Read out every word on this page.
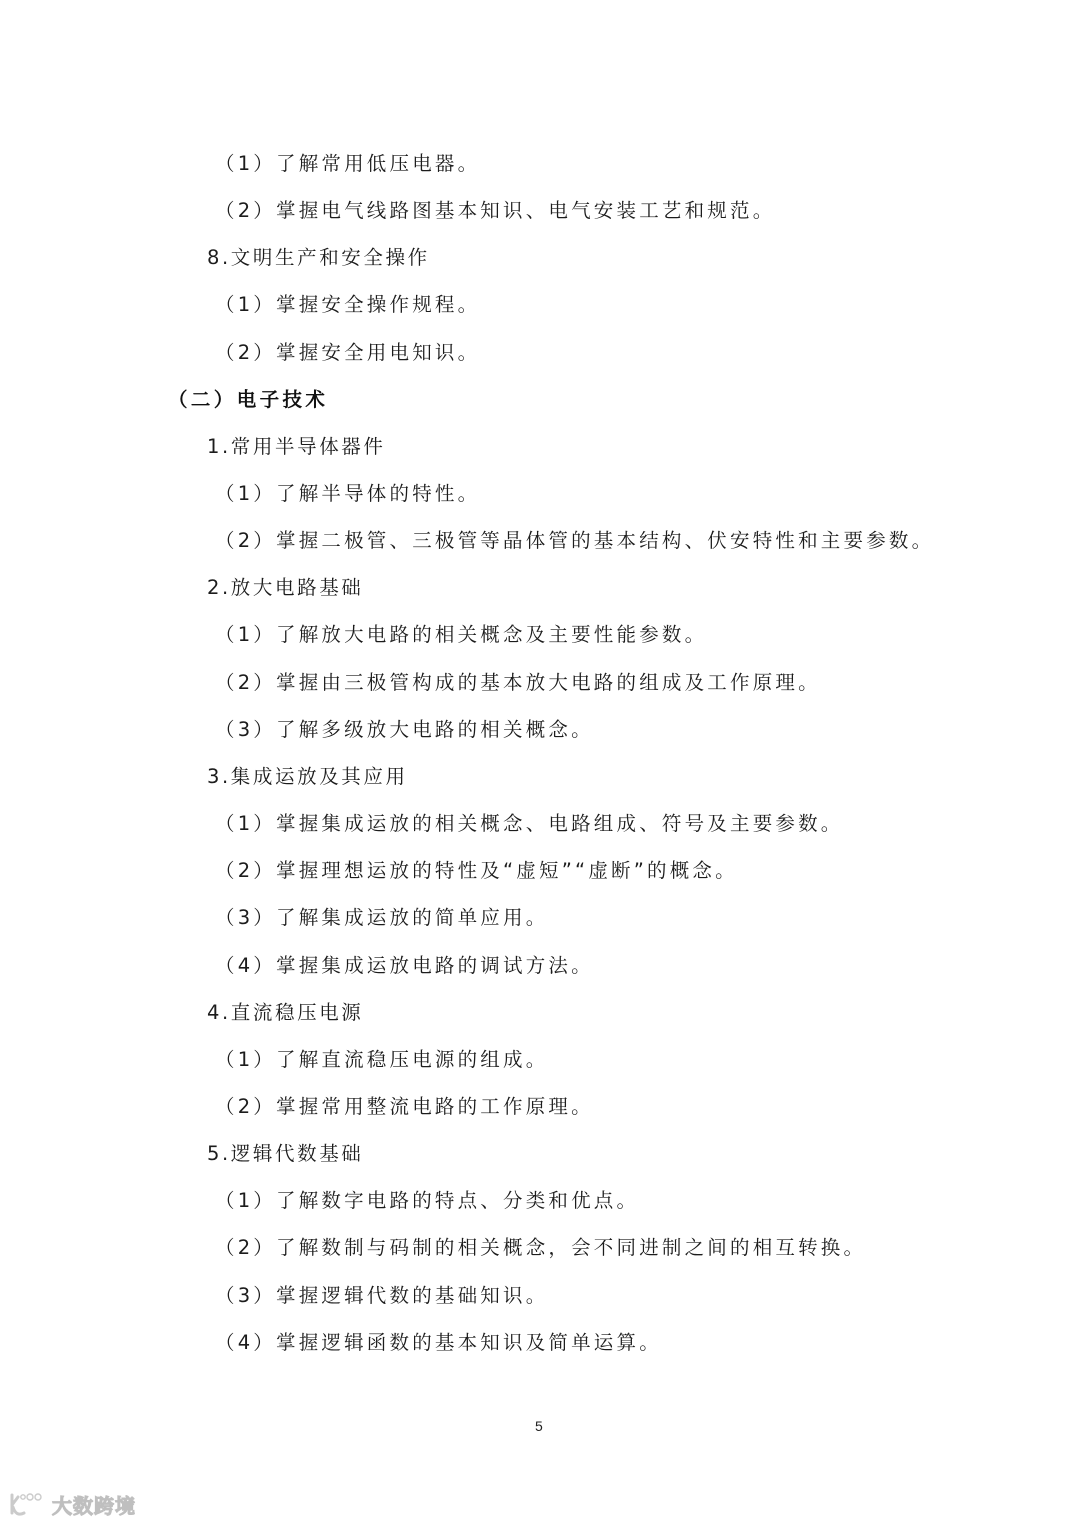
（1）了解常用低压电器。
（2）掌握电气线路图基本知识、电气安装工艺和规范。
8.文明生产和安全操作
（1）掌握安全操作规程。
（2）掌握安全用电知识。
（二）电子技术
1.常用半导体器件
（1）了解半导体的特性。
（2）掌握二极管、三极管等晶体管的基本结构、伏安特性和主要参数。
2.放大电路基础
（1）了解放大电路的相关概念及主要性能参数。
（2）掌握由三极管构成的基本放大电路的组成及工作原理。
（3）了解多级放大电路的相关概念。
3.集成运放及其应用
（1）掌握集成运放的相关概念、电路组成、符号及主要参数。
（2）掌握理想运放的特性及“虚短”“虚断”的概念。
（3）了解集成运放的简单应用。
（4）掌握集成运放电路的调试方法。
4.直流稳压电源
（1）了解直流稳压电源的组成。
（2）掌握常用整流电路的工作原理。
5.逻辑代数基础
（1）了解数字电路的特点、分类和优点。
（2）了解数制与码制的相关概念，会不同进制之间的相互转换。
（3）掌握逻辑代数的基础知识。
（4）掌握逻辑函数的基本知识及简单运算。
5
大数跨境
